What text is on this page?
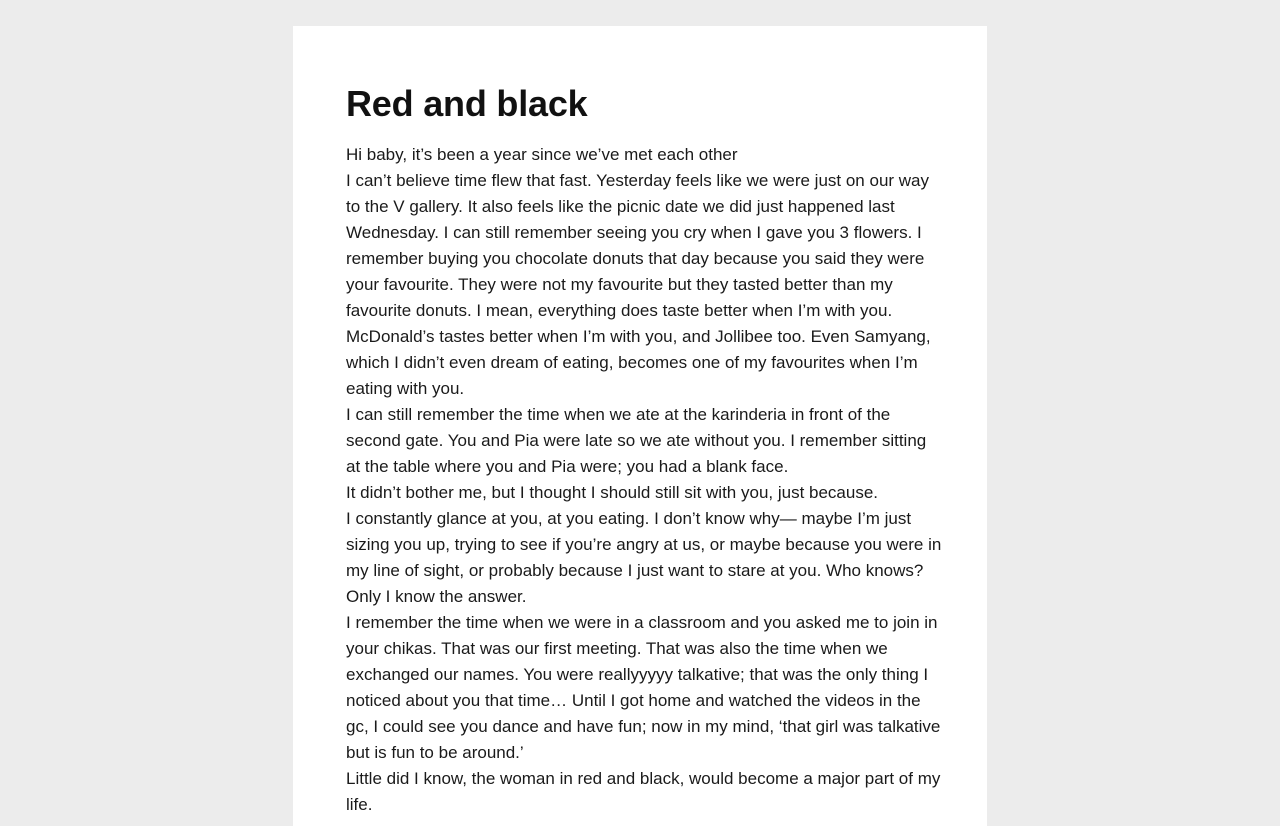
Red and black

Hi baby, it’s been a year since we’ve met each other

I can’t believe time flew that fast. Yesterday feels like we were just on our way to the V gallery. It also feels like the picnic date we did just happened last Wednesday. I can still remember seeing you cry when I gave you 3 flowers. I remember buying you chocolate donuts that day because you said they were your favourite. They were not my favourite but they tasted better than my favourite donuts. I mean, everything does taste better when I’m with you. McDonald’s tastes better when I’m with you, and Jollibee too. Even Samyang, which I didn’t even dream of eating, becomes one of my favourites when I’m eating with you.

I can still remember the time when we ate at the karinderia in front of the second gate. You and Pia were late so we ate without you. I remember sitting at the table where you and Pia were; you had a blank face.

It didn’t bother me, but I thought I should still sit with you, just because.

I constantly glance at you, at you eating. I don’t know why— maybe I’m just sizing you up, trying to see if you’re angry at us, or maybe because you were in my line of sight, or probably because I just want to stare at you. Who knows? Only I know the answer.

I remember the time when we were in a classroom and you asked me to join in your chikas. That was our first meeting. That was also the time when we exchanged our names. You were reallyyyyy talkative; that was the only thing I noticed about you that time… Until I got home and watched the videos in the gc, I could see you dance and have fun; now in my mind, ‘that girl was talkative but is fun to be around.’

Little did I know, the woman in red and black, would become a major part of my life.
